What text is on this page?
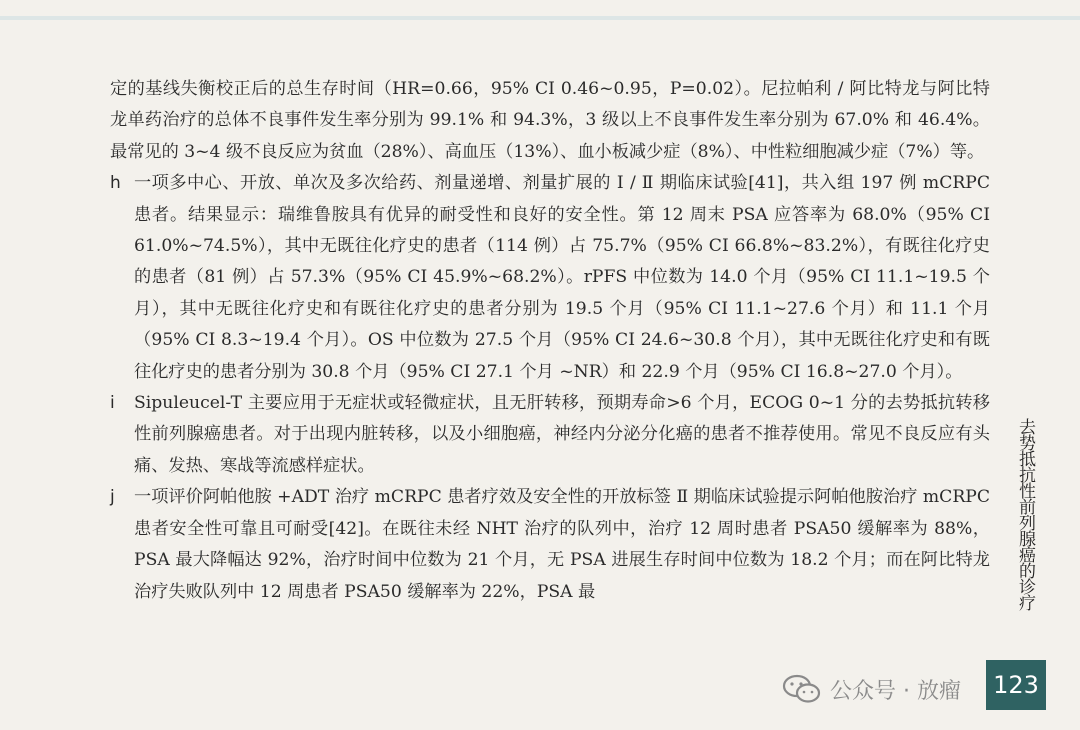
定的基线失衡校正后的总生存时间（HR=0.66，95% CI 0.46~0.95，P=0.02）。尼拉帕利 / 阿比特龙与阿比特龙单药治疗的总体不良事件发生率分别为 99.1% 和 94.3%，3 级以上不良事件发生率分别为 67.0% 和 46.4%。最常见的 3~4 级不良反应为贫血（28%）、高血压（13%）、血小板减少症（8%）、中性粒细胞减少症（7%）等。

h 一项多中心、开放、单次及多次给药、剂量递增、剂量扩展的 Ⅰ / Ⅱ 期临床试验[41]，共入组 197 例 mCRPC 患者。结果显示：瑞维鲁胺具有优异的耐受性和良好的安全性。第 12 周末 PSA 应答率为 68.0%（95% CI 61.0%~74.5%），其中无既往化疗史的患者（114 例）占 75.7%（95% CI 66.8%~83.2%），有既往化疗史的患者（81 例）占 57.3%（95% CI 45.9%~68.2%）。rPFS 中位数为 14.0 个月（95% CI 11.1~19.5 个月），其中无既往化疗史和有既往化疗史的患者分别为 19.5 个月（95% CI 11.1~27.6 个月）和 11.1 个月（95% CI 8.3~19.4 个月）。OS 中位数为 27.5 个月（95% CI 24.6~30.8 个月），其中无既往化疗史和有既往化疗史的患者分别为 30.8 个月（95% CI 27.1 个月 ~NR）和 22.9 个月（95% CI 16.8~27.0 个月）。

i Sipuleucel-T 主要应用于无症状或轻微症状，且无肝转移，预期寿命>6 个月，ECOG 0~1 分的去势抵抗转移性前列腺癌患者。对于出现内脏转移，以及小细胞癌，神经内分泌分化癌的患者不推荐使用。常见不良反应有头痛、发热、寒战等流感样症状。

j 一项评价阿帕他胺 +ADT 治疗 mCRPC 患者疗效及安全性的开放标签 Ⅱ 期临床试验提示阿帕他胺治疗 mCRPC 患者安全性可靠且可耐受[42]。在既往未经 NHT 治疗的队列中，治疗 12 周时患者 PSA50 缓解率为 88%，PSA 最大降幅达 92%，治疗时间中位数为 21 个月，无 PSA 进展生存时间中位数为 18.2 个月；而在阿比特龙治疗失败队列中 12 周患者 PSA50 缓解率为 22%，PSA 最	去势抵抗性前列腺癌的诊疗
公众号 · 放瘤 123
